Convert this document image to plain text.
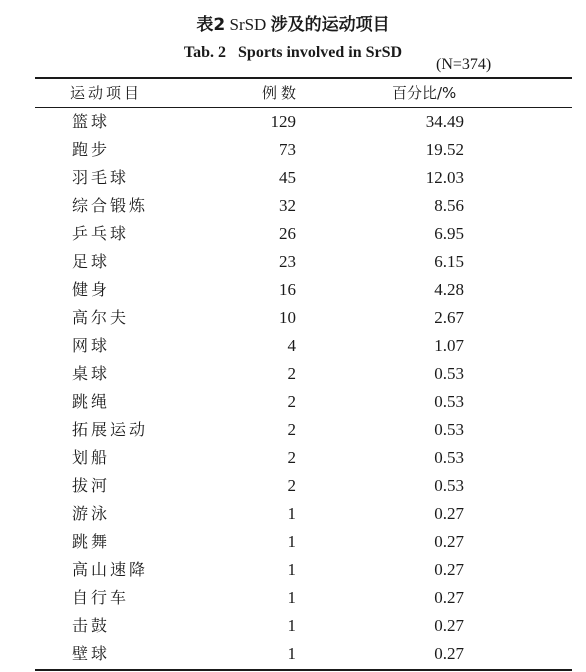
表2 SrSD 涉及的运动项目
Tab. 2 Sports involved in SrSD
(N=374)
运动项目	例数	百分比/%
篮球	129	34.49
跑步	73	19.52
羽毛球	45	12.03
综合锻炼	32	8.56
乒乓球	26	6.95
足球	23	6.15
健身	16	4.28
高尔夫	10	2.67
网球	4	1.07
桌球	2	0.53
跳绳	2	0.53
拓展运动	2	0.53
划船	2	0.53
拔河	2	0.53
游泳	1	0.27
跳舞	1	0.27
高山速降	1	0.27
自行车	1	0.27
击鼓	1	0.27
壁球	1	0.27
